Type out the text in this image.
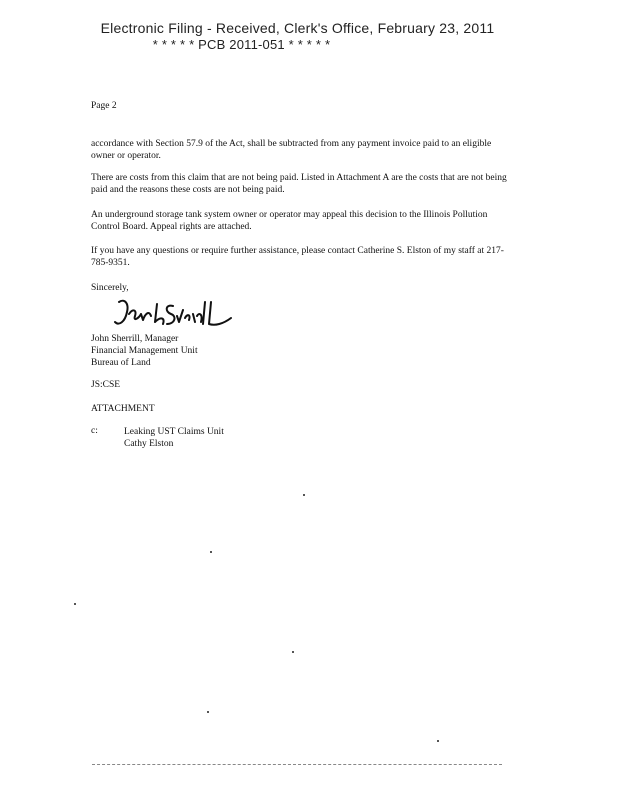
Electronic Filing - Received, Clerk's Office, February 23, 2011
* * * * * PCB 2011-051 * * * * *
Page 2
accordance with Section 57.9 of the Act, shall be subtracted from any payment invoice paid to an eligible owner or operator.
There are costs from this claim that are not being paid. Listed in Attachment A are the costs that are not being paid and the reasons these costs are not being paid.
An underground storage tank system owner or operator may appeal this decision to the Illinois Pollution Control Board. Appeal rights are attached.
If you have any questions or require further assistance, please contact Catherine S. Elston of my staff at 217-785-9351.
Sincerely,
John Sherrill, Manager
Financial Management Unit
Bureau of Land
JS:CSE
ATTACHMENT
c:	Leaking UST Claims Unit
Cathy Elston
